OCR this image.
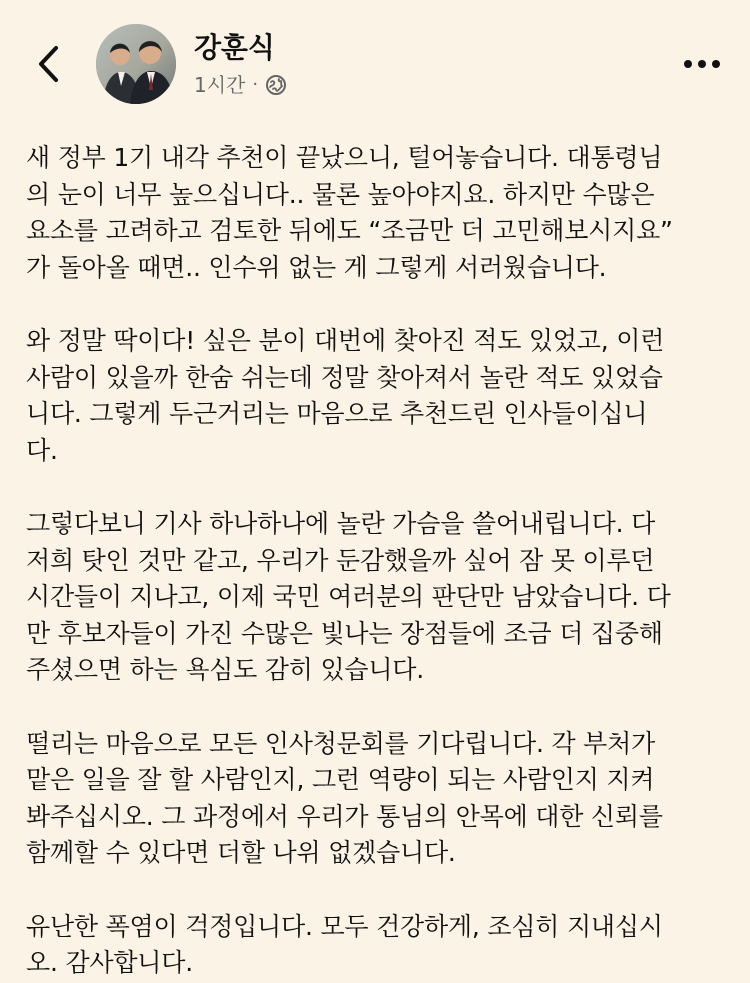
강훈식
1시간 ·
새 정부 1기 내각 추천이 끝났으니, 털어놓습니다. 대통령님
의 눈이 너무 높으십니다.. 물론 높아야지요. 하지만 수많은
요소를 고려하고 검토한 뒤에도 “조금만 더 고민해보시지요”
가 돌아올 때면.. 인수위 없는 게 그렇게 서러웠습니다.
와 정말 딱이다! 싶은 분이 대번에 찾아진 적도 있었고, 이런
사람이 있을까 한숨 쉬는데 정말 찾아져서 놀란 적도 있었습
니다. 그렇게 두근거리는 마음으로 추천드린 인사들이십니
다.
그렇다보니 기사 하나하나에 놀란 가슴을 쓸어내립니다. 다
저희 탓인 것만 같고, 우리가 둔감했을까 싶어 잠 못 이루던
시간들이 지나고, 이제 국민 여러분의 판단만 남았습니다. 다
만 후보자들이 가진 수많은 빛나는 장점들에 조금 더 집중해
주셨으면 하는 욕심도 감히 있습니다.
떨리는 마음으로 모든 인사청문회를 기다립니다. 각 부처가
맡은 일을 잘 할 사람인지, 그런 역량이 되는 사람인지 지켜
봐주십시오. 그 과정에서 우리가 통님의 안목에 대한 신뢰를
함께할 수 있다면 더할 나위 없겠습니다.
유난한 폭염이 걱정입니다. 모두 건강하게, 조심히 지내십시
오. 감사합니다.
